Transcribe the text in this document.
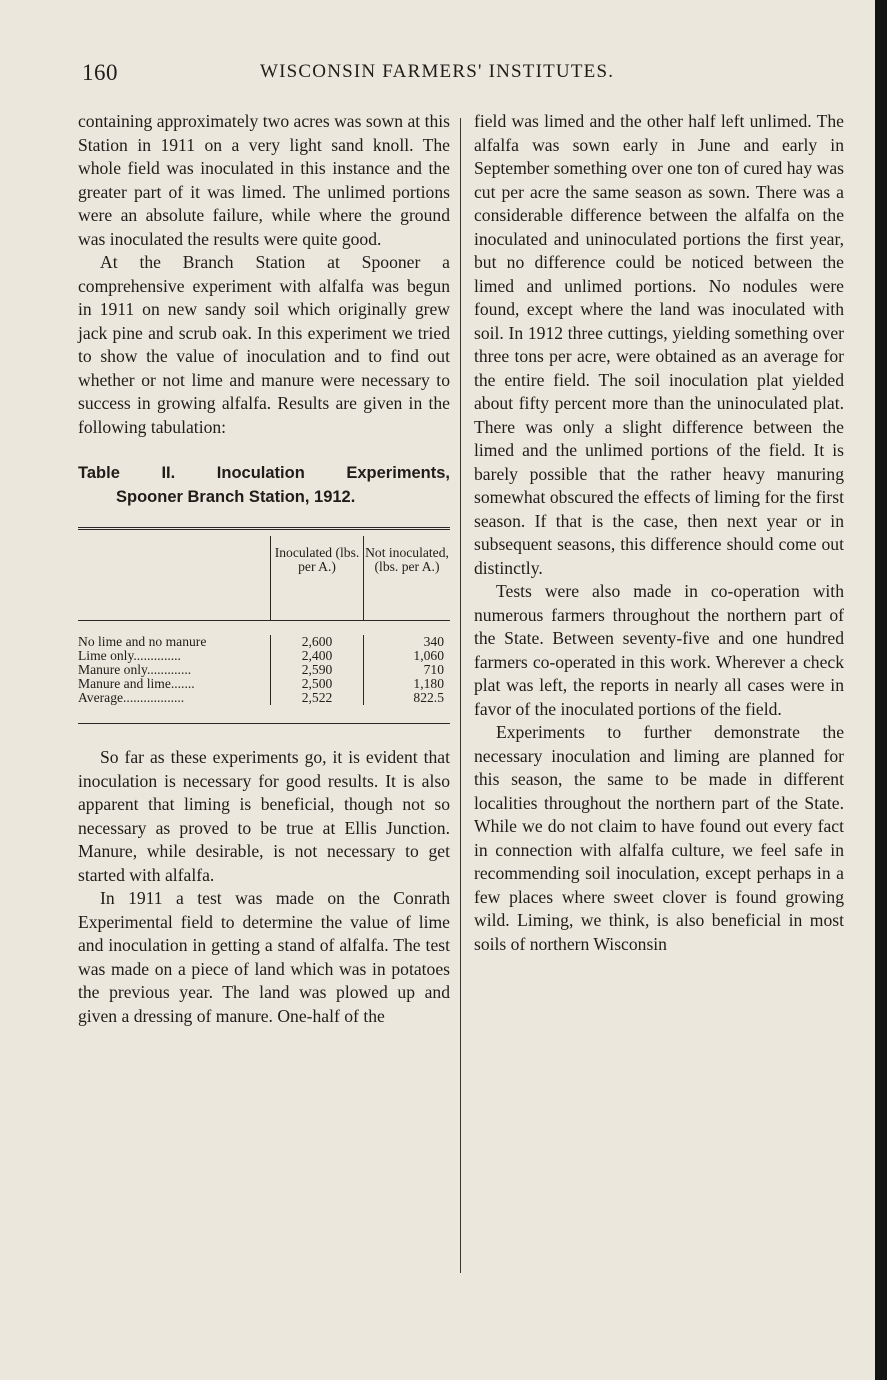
160	WISCONSIN FARMERS' INSTITUTES.

containing approximately two acres was sown at this Station in 1911 on a very light sand knoll. The whole field was inoculated in this instance and the greater part of it was limed. The unlimed portions were an absolute failure, while where the ground was inoculated the results were quite good.

At the Branch Station at Spooner a comprehensive experiment with alfalfa was begun in 1911 on new sandy soil which originally grew jack pine and scrub oak. In this experiment we tried to show the value of inoculation and to find out whether or not lime and manure were necessary to success in growing alfalfa. Results are given in the following tabulation:

Table II. Inoculation Experiments,
Spooner Branch Station, 1912.
Inoculated (lbs. per A.)
Not inoculated, (lbs. per A.)
No lime and no manure	2,600	340
Lime only..............	2,400	1,060
Manure only.............	2,590	710
Manure and lime.......	2,500	1,180
Average..................	2,522	822.5

So far as these experiments go, it is evident that inoculation is necessary for good results. It is also apparent that liming is beneficial, though not so necessary as proved to be true at Ellis Junction. Manure, while desirable, is not necessary to get started with alfalfa.

In 1911 a test was made on the Conrath Experimental field to determine the value of lime and inoculation in getting a stand of alfalfa. The test was made on a piece of land which was in potatoes the previous year. The land was plowed up and given a dressing of manure. One-half of the

field was limed and the other half left unlimed. The alfalfa was sown early in June and early in September something over one ton of cured hay was cut per acre the same season as sown. There was a considerable difference between the alfalfa on the inoculated and uninoculated portions the first year, but no difference could be noticed between the limed and unlimed portions. No nodules were found, except where the land was inoculated with soil. In 1912 three cuttings, yielding something over three tons per acre, were obtained as an average for the entire field. The soil inoculation plat yielded about fifty percent more than the uninoculated plat. There was only a slight difference between the limed and the unlimed portions of the field. It is barely possible that the rather heavy manuring somewhat obscured the effects of liming for the first season. If that is the case, then next year or in subsequent seasons, this difference should come out distinctly.

Tests were also made in co-operation with numerous farmers throughout the northern part of the State. Between seventy-five and one hundred farmers co-operated in this work. Wherever a check plat was left, the reports in nearly all cases were in favor of the inoculated portions of the field.

Experiments to further demonstrate the necessary inoculation and liming are planned for this season, the same to be made in different localities throughout the northern part of the State. While we do not claim to have found out every fact in connection with alfalfa culture, we feel safe in recommending soil inoculation, except perhaps in a few places where sweet clover is found growing wild. Liming, we think, is also beneficial in most soils of northern Wisconsin
